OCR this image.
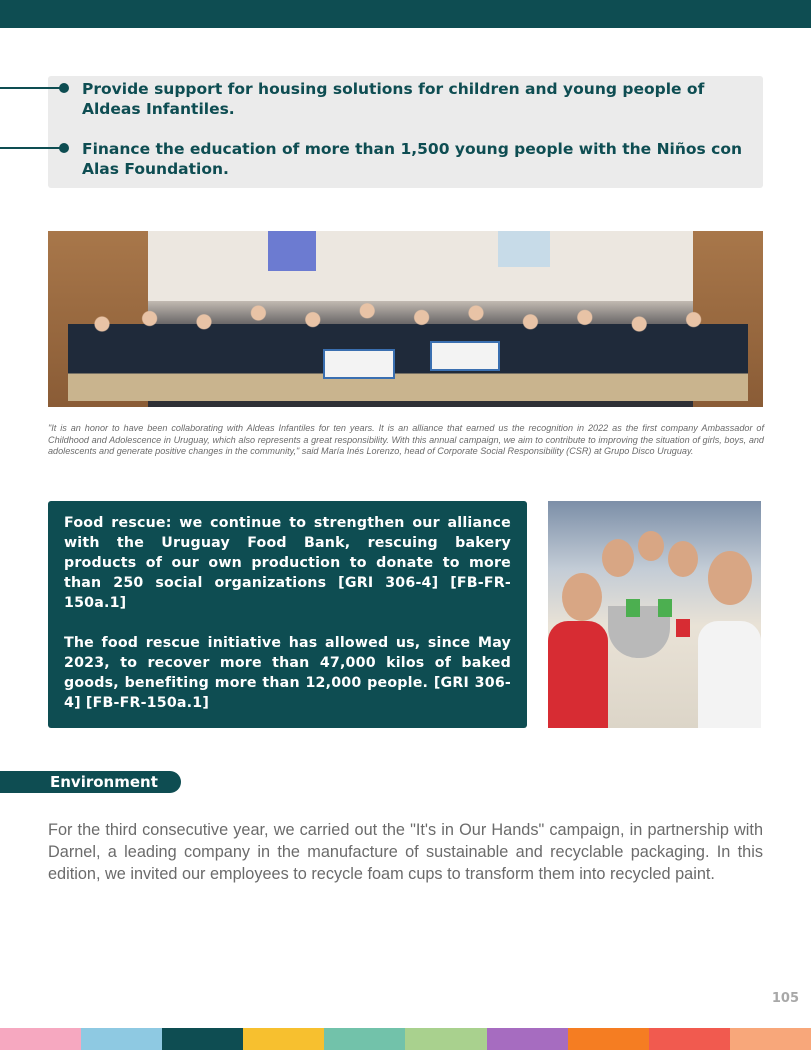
Provide support for housing solutions for children and young people of Aldeas Infantiles.

Finance the education of more than 1,500 young people with the Niños con Alas Foundation.

"It is an honor to have been collaborating with Aldeas Infantiles for ten years. It is an alliance that earned us the recognition in 2022 as the first company Ambassador of Childhood and Adolescence in Uruguay, which also represents a great responsibility. With this annual campaign, we aim to contribute to improving the situation of girls, boys, and adolescents and generate positive changes in the community," said María Inés Lorenzo, head of Corporate Social Responsibility (CSR) at Grupo Disco Uruguay.

Food rescue: we continue to strengthen our alliance with the Uruguay Food Bank, rescuing bakery products of our own production to donate to more than 250 social organizations [GRI 306-4] [FB-FR-150a.1]

The food rescue initiative has allowed us, since May 2023, to recover more than 47,000 kilos of baked goods, benefiting more than 12,000 people. [GRI 306-4] [FB-FR-150a.1]

Environment

For the third consecutive year, we carried out the "It's in Our Hands" campaign, in partnership with Darnel, a leading company in the manufacture of sustainable and recyclable packaging. In this edition, we invited our employees to recycle foam cups to transform them into recycled paint.

105
